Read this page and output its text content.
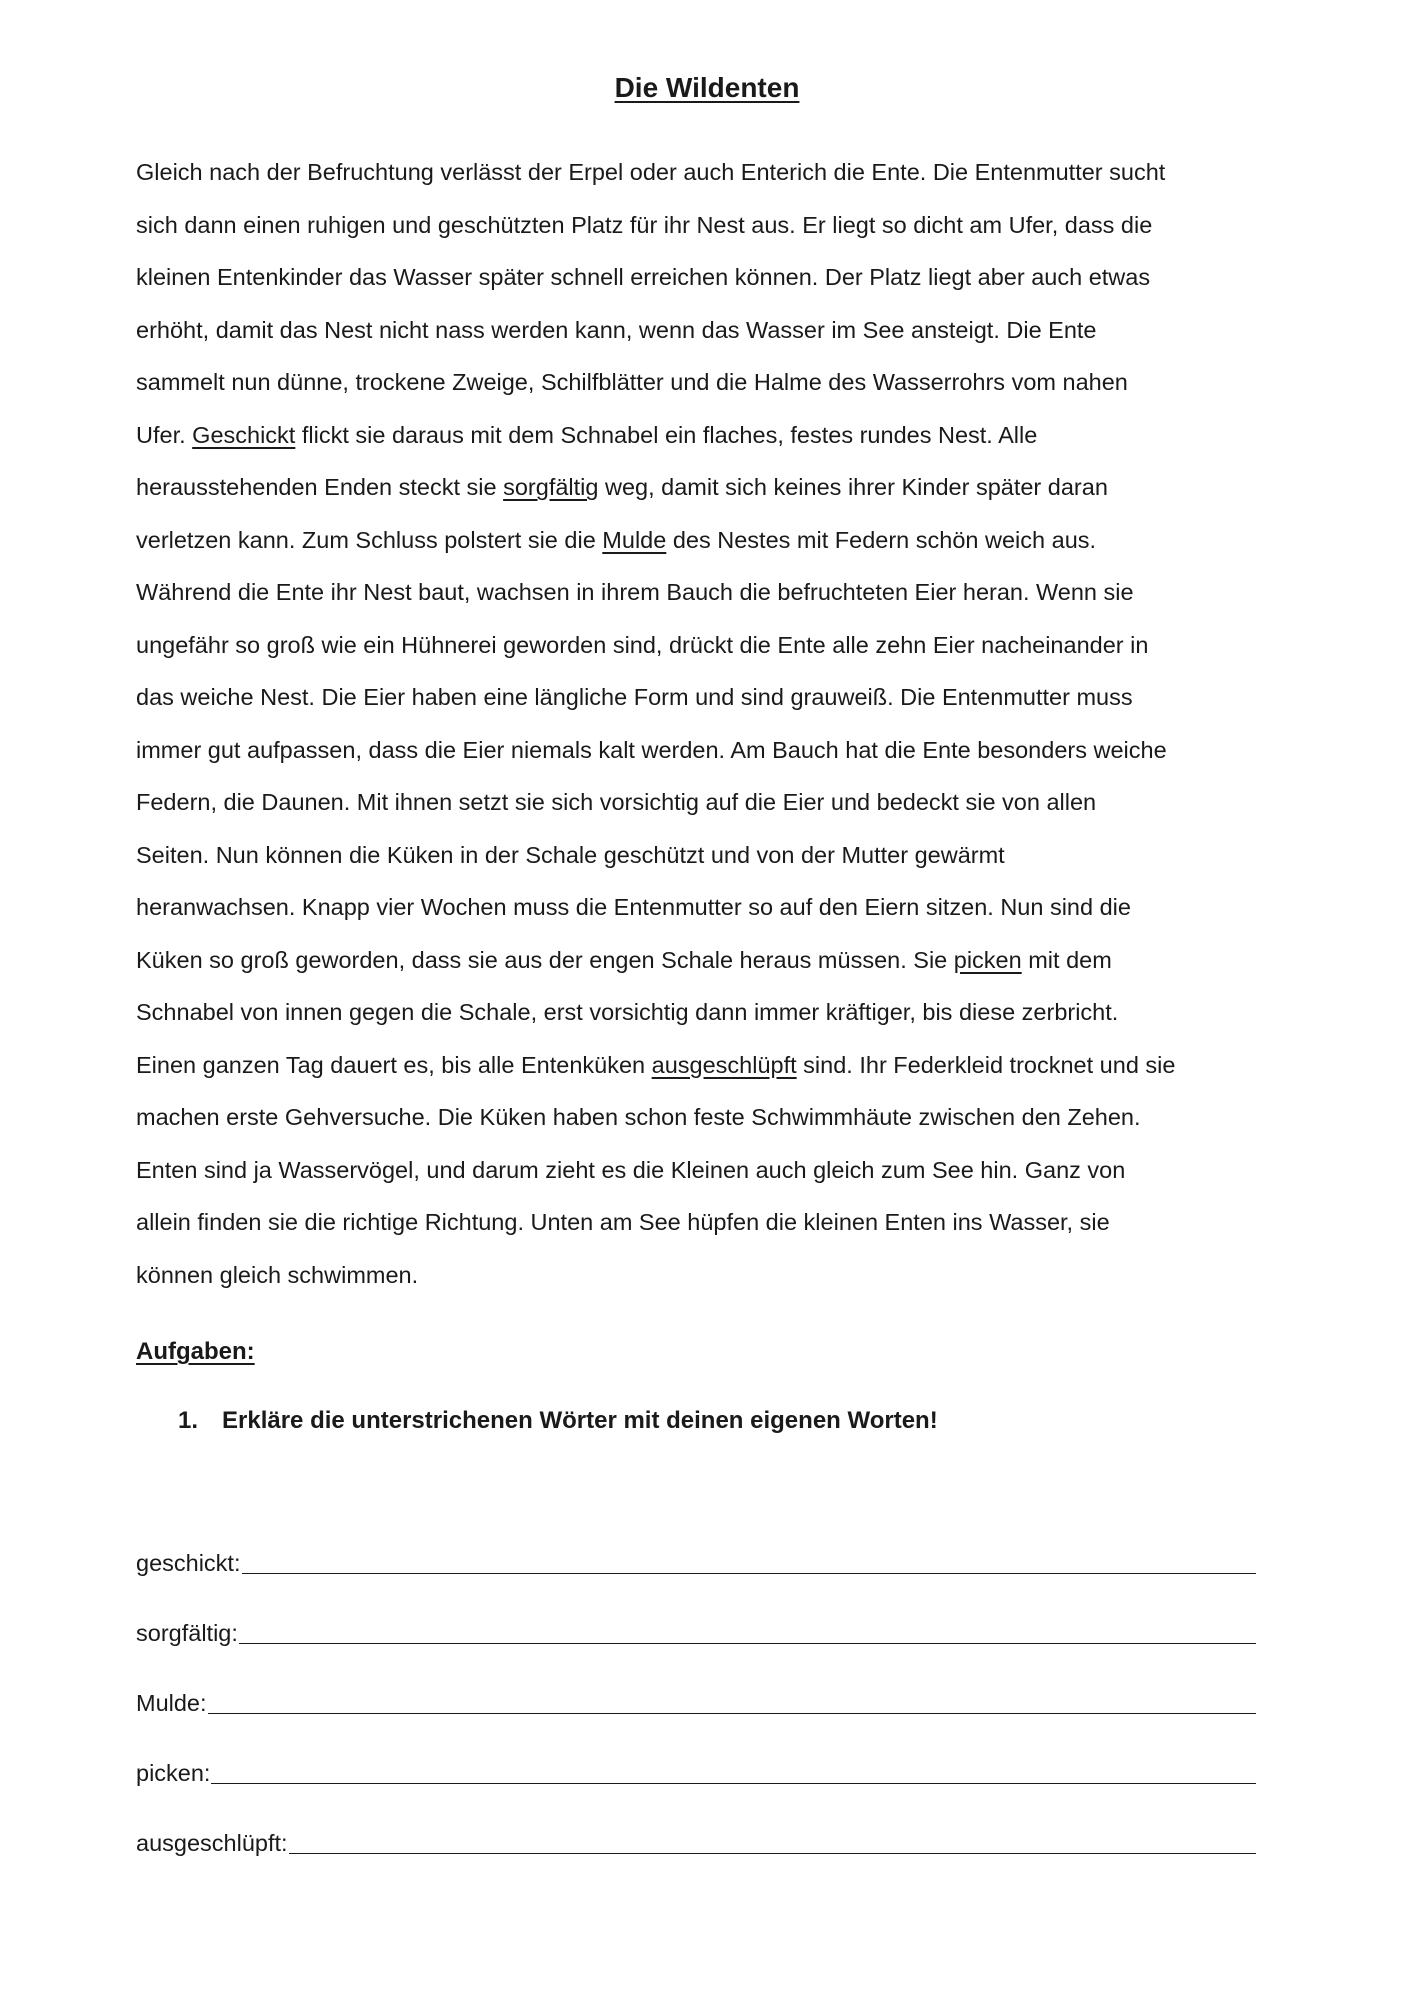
Die Wildenten
Gleich nach der Befruchtung verlässt der Erpel oder auch Enterich die Ente. Die Entenmutter sucht
sich dann einen ruhigen und geschützten Platz für ihr Nest aus. Er liegt so dicht am Ufer, dass die
kleinen Entenkinder das Wasser später schnell erreichen können. Der Platz liegt aber auch etwas
erhöht, damit das Nest nicht nass werden kann, wenn das Wasser im See ansteigt. Die Ente
sammelt nun dünne, trockene Zweige, Schilfblätter und die Halme des Wasserrohrs vom nahen
Ufer. Geschickt flickt sie daraus mit dem Schnabel ein flaches, festes rundes Nest. Alle
herausstehenden Enden steckt sie sorgfältig weg, damit sich keines ihrer Kinder später daran
verletzen kann. Zum Schluss polstert sie die Mulde des Nestes mit Federn schön weich aus.
Während die Ente ihr Nest baut, wachsen in ihrem Bauch die befruchteten Eier heran. Wenn sie
ungefähr so groß wie ein Hühnerei geworden sind, drückt die Ente alle zehn Eier nacheinander in
das weiche Nest. Die Eier haben eine längliche Form und sind grauweiß. Die Entenmutter muss
immer gut aufpassen, dass die Eier niemals kalt werden. Am Bauch hat die Ente besonders weiche
Federn, die Daunen. Mit ihnen setzt sie sich vorsichtig auf die Eier und bedeckt sie von allen
Seiten. Nun können die Küken in der Schale geschützt und von der Mutter gewärmt
heranwachsen. Knapp vier Wochen muss die Entenmutter so auf den Eiern sitzen. Nun sind die
Küken so groß geworden, dass sie aus der engen Schale heraus müssen. Sie picken mit dem
Schnabel von innen gegen die Schale, erst vorsichtig dann immer kräftiger, bis diese zerbricht.
Einen ganzen Tag dauert es, bis alle Entenküken ausgeschlüpft sind. Ihr Federkleid trocknet und sie
machen erste Gehversuche. Die Küken haben schon feste Schwimmhäute zwischen den Zehen.
Enten sind ja Wasservögel, und darum zieht es die Kleinen auch gleich zum See hin. Ganz von
allein finden sie die richtige Richtung. Unten am See hüpfen die kleinen Enten ins Wasser, sie
können gleich schwimmen.
Aufgaben:
1. Erkläre die unterstrichenen Wörter mit deinen eigenen Worten!
geschickt:
sorgfältig:
Mulde:
picken:
ausgeschlüpft:
